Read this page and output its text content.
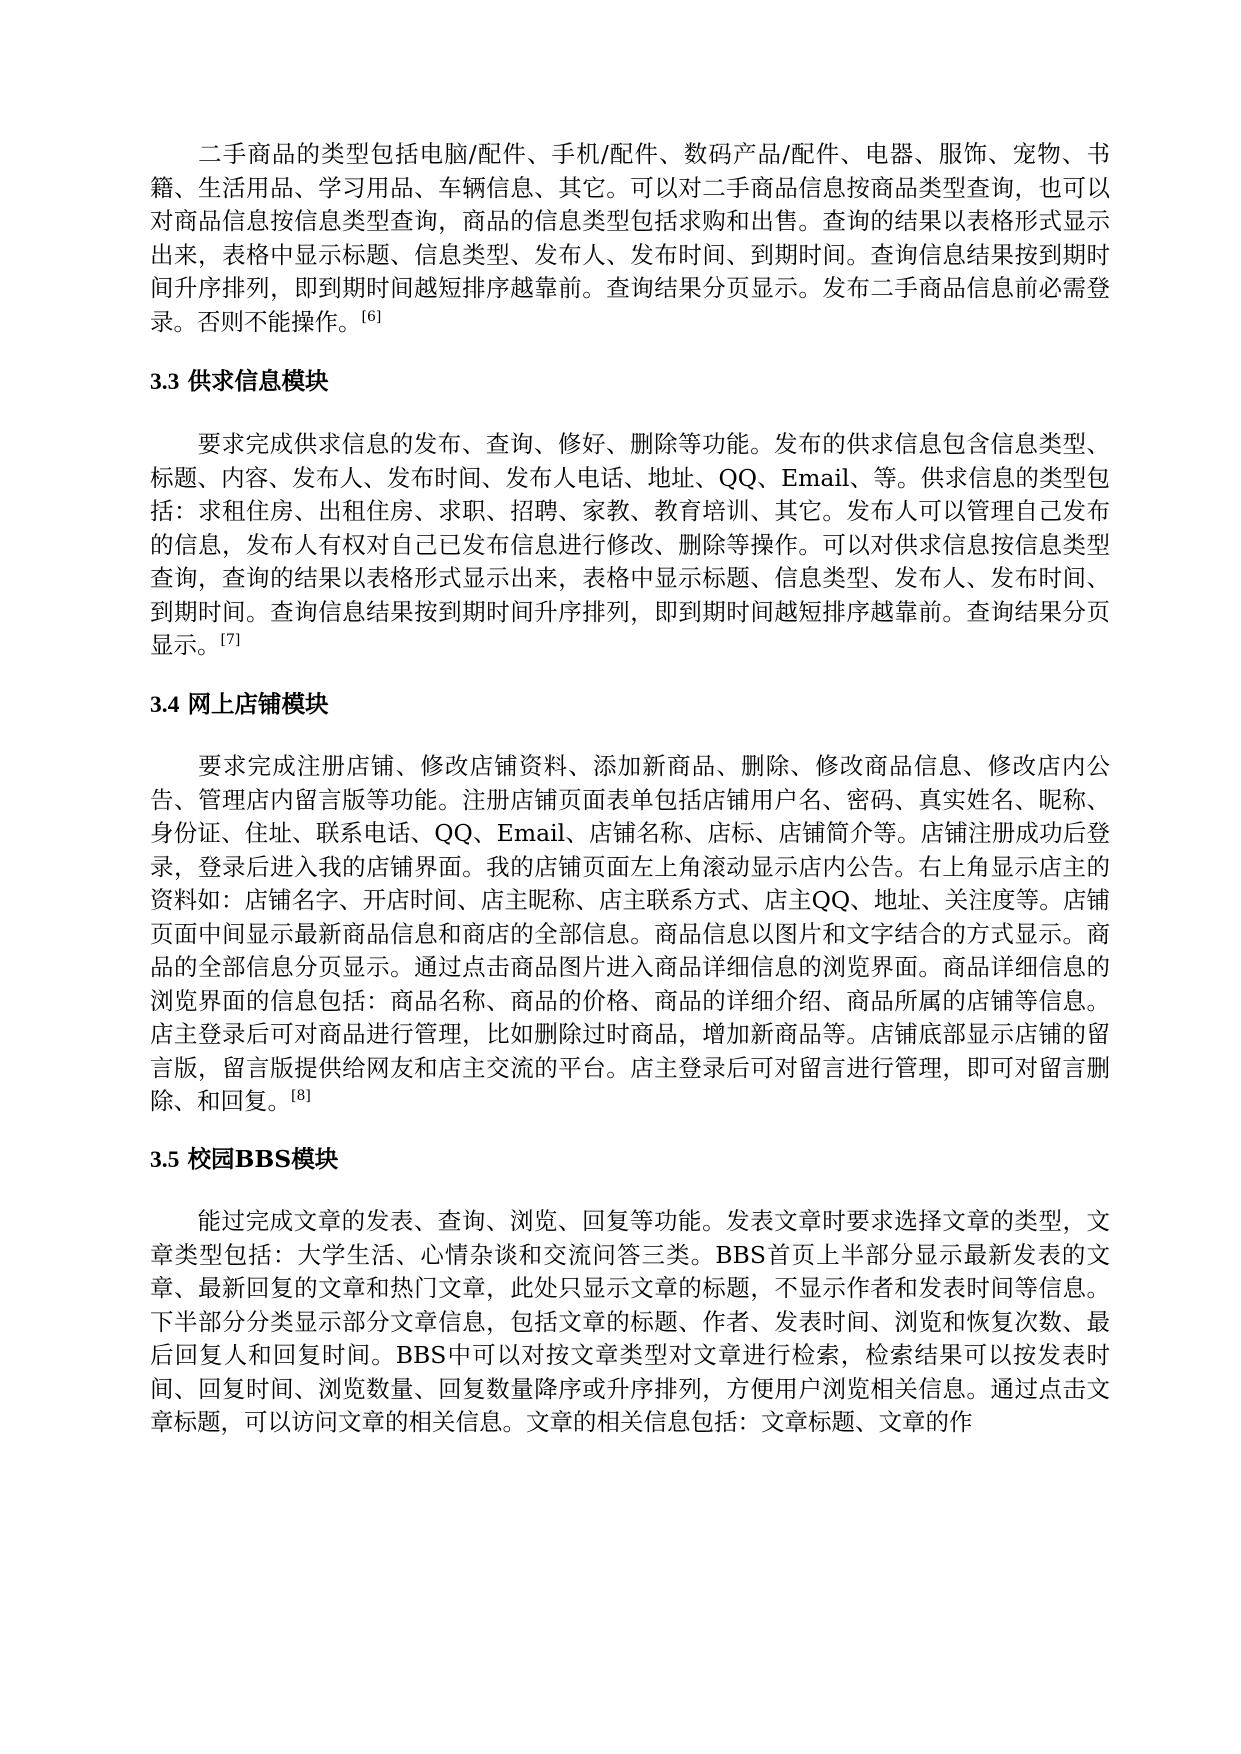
二手商品的类型包括电脑/配件、手机/配件、数码产品/配件、电器、服饰、宠物、书籍、生活用品、学习用品、车辆信息、其它。可以对二手商品信息按商品类型查询，也可以对商品信息按信息类型查询，商品的信息类型包括求购和出售。查询的结果以表格形式显示出来，表格中显示标题、信息类型、发布人、发布时间、到期时间。查询信息结果按到期时间升序排列，即到期时间越短排序越靠前。查询结果分页显示。发布二手商品信息前必需登录。否则不能操作。[6]

3.3 供求信息模块

要求完成供求信息的发布、查询、修好、删除等功能。发布的供求信息包含信息类型、标题、内容、发布人、发布时间、发布人电话、地址、QQ、Email、等。供求信息的类型包括：求租住房、出租住房、求职、招聘、家教、教育培训、其它。发布人可以管理自己发布的信息，发布人有权对自己已发布信息进行修改、删除等操作。可以对供求信息按信息类型查询，查询的结果以表格形式显示出来，表格中显示标题、信息类型、发布人、发布时间、到期时间。查询信息结果按到期时间升序排列，即到期时间越短排序越靠前。查询结果分页显示。[7]

3.4 网上店铺模块

要求完成注册店铺、修改店铺资料、添加新商品、删除、修改商品信息、修改店内公告、管理店内留言版等功能。注册店铺页面表单包括店铺用户名、密码、真实姓名、昵称、身份证、住址、联系电话、QQ、Email、店铺名称、店标、店铺简介等。店铺注册成功后登录，登录后进入我的店铺界面。我的店铺页面左上角滚动显示店内公告。右上角显示店主的资料如：店铺名字、开店时间、店主昵称、店主联系方式、店主QQ、地址、关注度等。店铺页面中间显示最新商品信息和商店的全部信息。商品信息以图片和文字结合的方式显示。商品的全部信息分页显示。通过点击商品图片进入商品详细信息的浏览界面。商品详细信息的浏览界面的信息包括：商品名称、商品的价格、商品的详细介绍、商品所属的店铺等信息。店主登录后可对商品进行管理，比如删除过时商品，增加新商品等。店铺底部显示店铺的留言版，留言版提供给网友和店主交流的平台。店主登录后可对留言进行管理，即可对留言删除、和回复。[8]

3.5 校园BBS模块

能过完成文章的发表、查询、浏览、回复等功能。发表文章时要求选择文章的类型，文章类型包括：大学生活、心情杂谈和交流问答三类。BBS首页上半部分显示最新发表的文章、最新回复的文章和热门文章，此处只显示文章的标题，不显示作者和发表时间等信息。下半部分分类显示部分文章信息，包括文章的标题、作者、发表时间、浏览和恢复次数、最后回复人和回复时间。BBS中可以对按文章类型对文章进行检索，检索结果可以按发表时间、回复时间、浏览数量、回复数量降序或升序排列，方便用户浏览相关信息。通过点击文章标题，可以访问文章的相关信息。文章的相关信息包括：文章标题、文章的作
